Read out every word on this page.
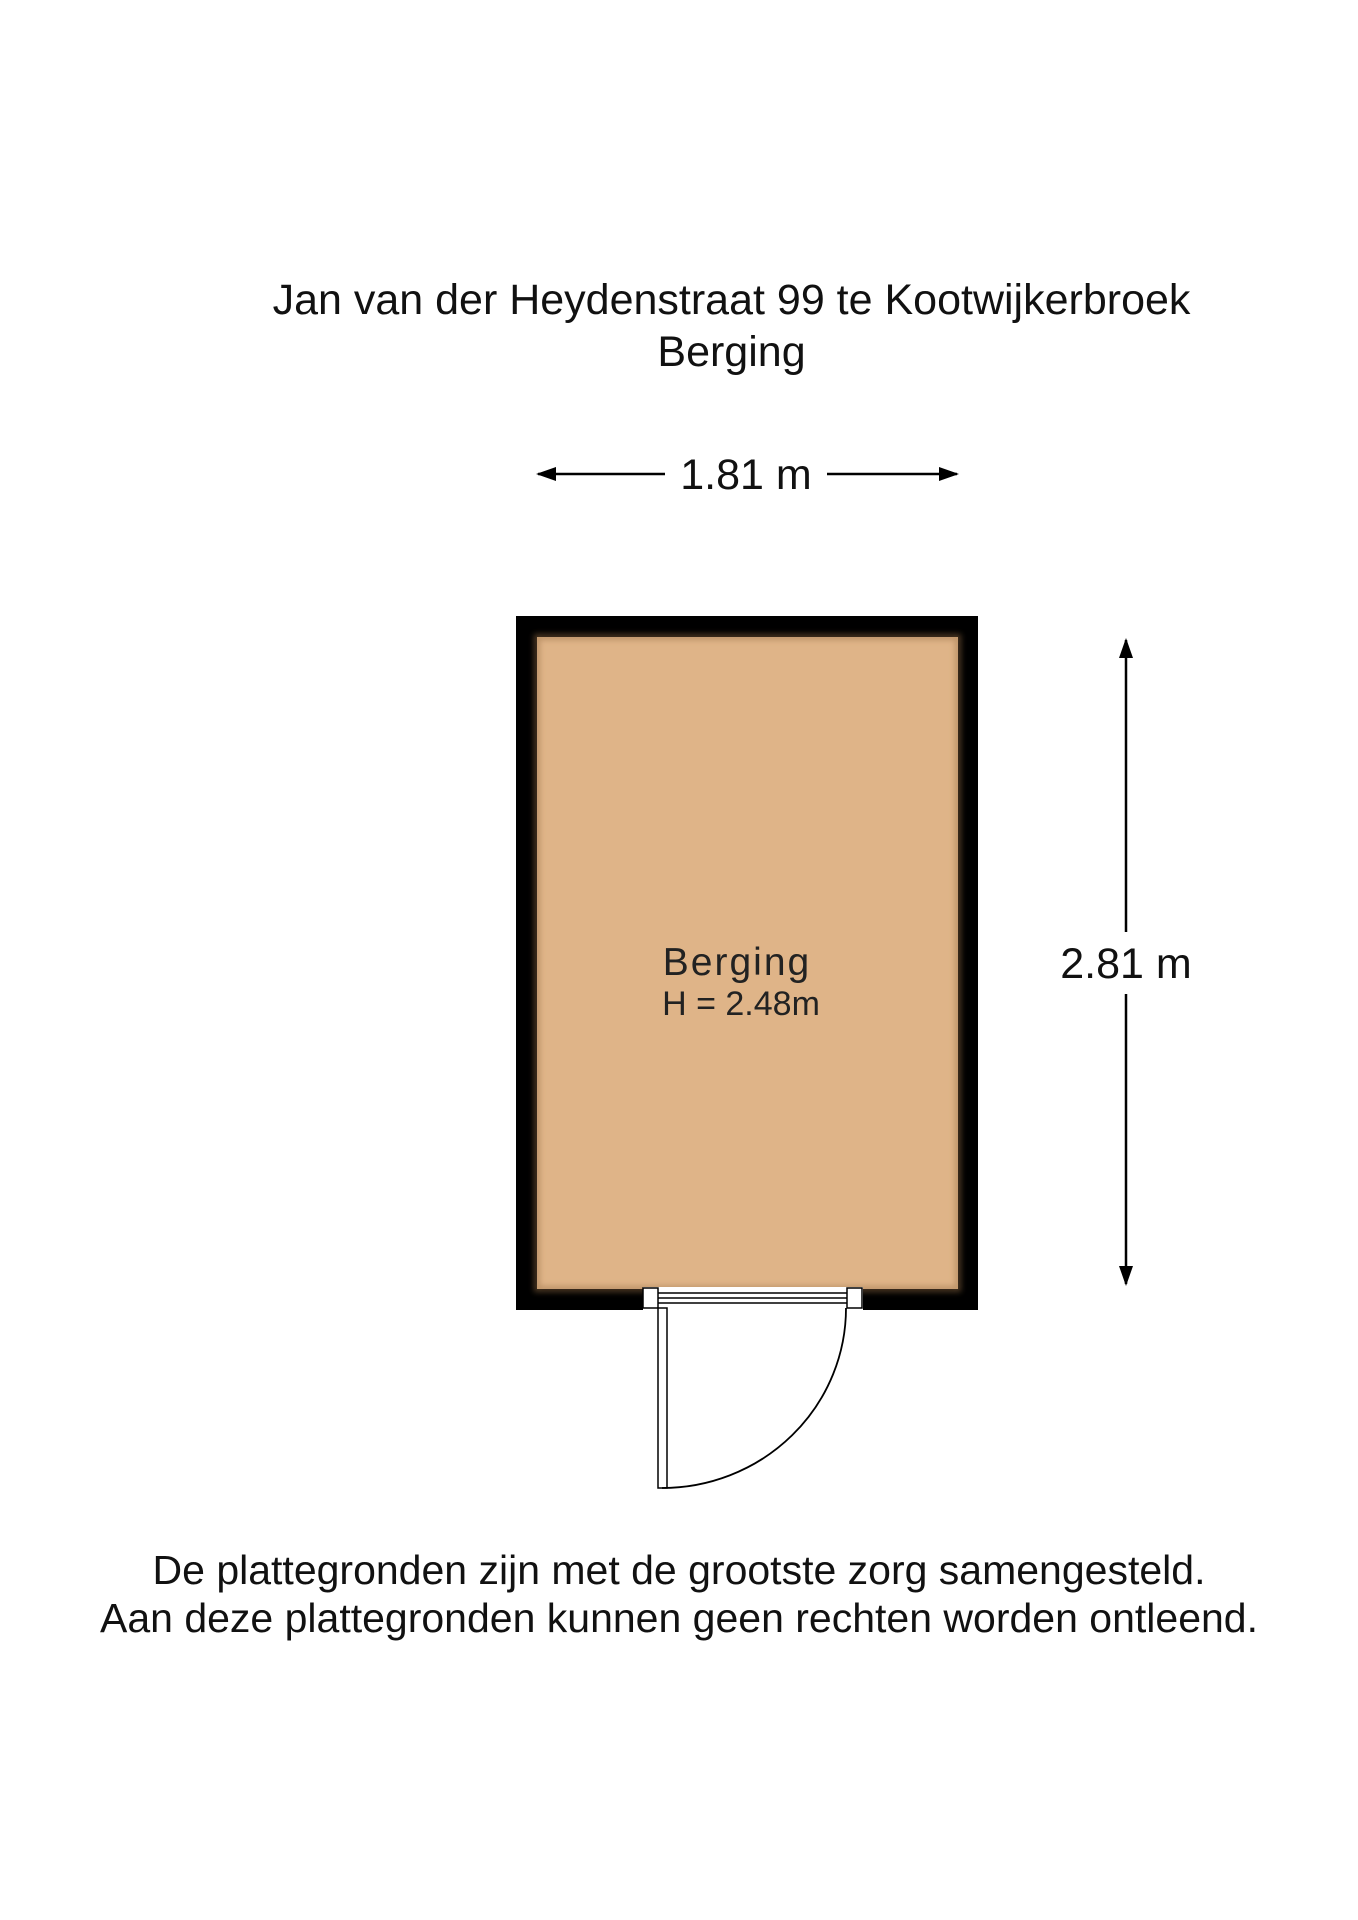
Jan van der Heydenstraat 99 te Kootwijkerbroek
Berging
1.81 m
2.81 m
Berging
H = 2.48m
De plattegronden zijn met de grootste zorg samengesteld.
Aan deze plattegronden kunnen geen rechten worden ontleend.
